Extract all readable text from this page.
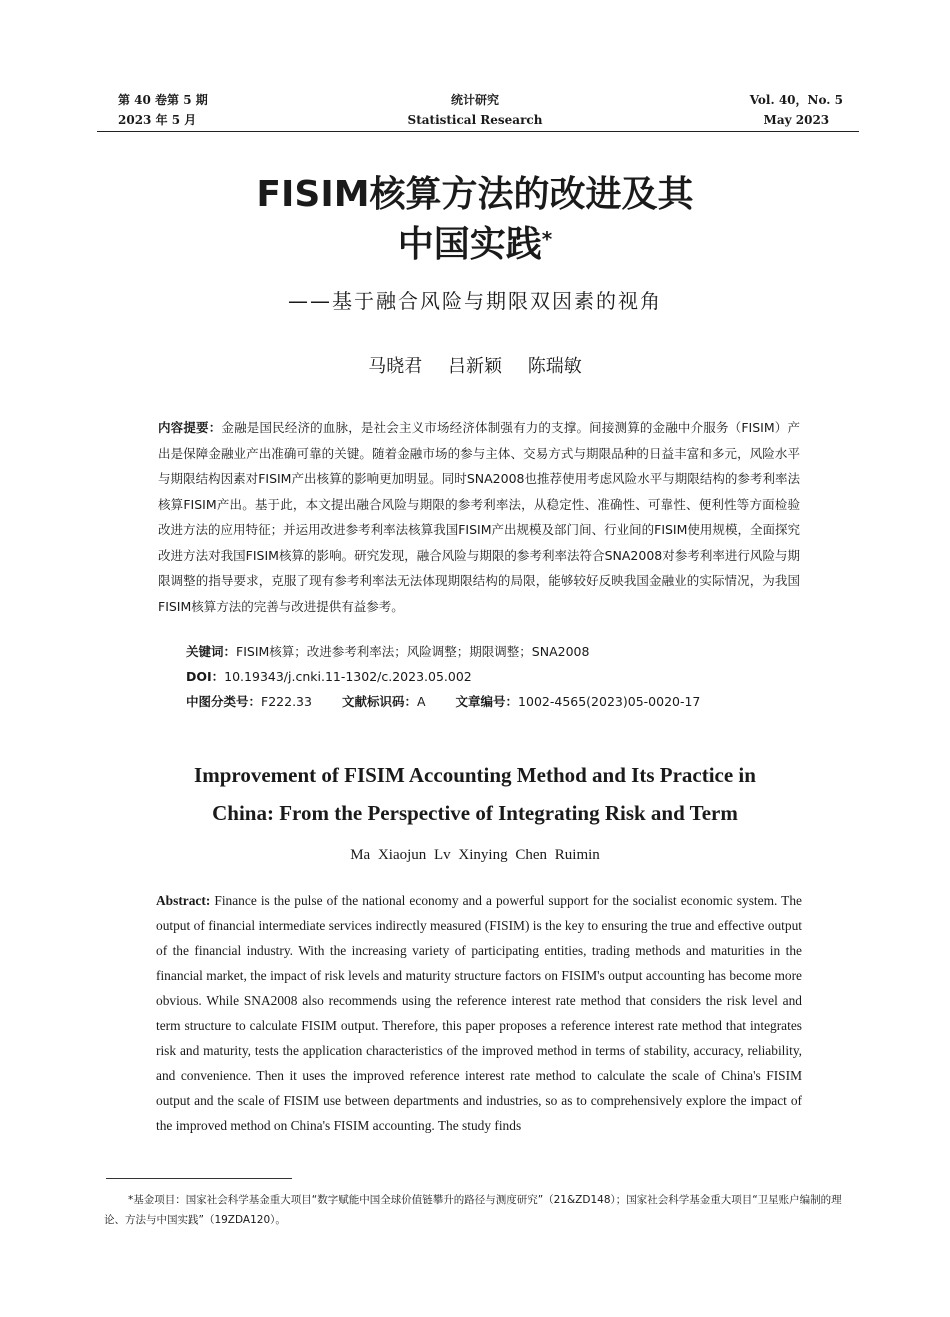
第 40 卷第 5 期
2023 年 5 月
统计研究
Statistical Research
Vol. 40，No. 5
May 2023
FISIM核算方法的改进及其
中国实践*
——基于融合风险与期限双因素的视角
马晓君 吕新颖 陈瑞敏
内容提要：金融是国民经济的血脉，是社会主义市场经济体制强有力的支撑。间接测算的金融中介服务（FISIM）产出是保障金融业产出准确可靠的关键。随着金融市场的参与主体、交易方式与期限品种的日益丰富和多元，风险水平与期限结构因素对FISIM产出核算的影响更加明显。同时SNA2008也推荐使用考虑风险水平与期限结构的参考利率法核算FISIM产出。基于此，本文提出融合风险与期限的参考利率法，从稳定性、准确性、可靠性、便利性等方面检验改进方法的应用特征；并运用改进参考利率法核算我国FISIM产出规模及部门间、行业间的FISIM使用规模，全面探究改进方法对我国FISIM核算的影响。研究发现，融合风险与期限的参考利率法符合SNA2008对参考利率进行风险与期限调整的指导要求，克服了现有参考利率法无法体现期限结构的局限，能够较好反映我国金融业的实际情况，为我国FISIM核算方法的完善与改进提供有益参考。
关键词：FISIM核算；改进参考利率法；风险调整；期限调整；SNA2008
DOI：10.19343/j.cnki.11-1302/c.2023.05.002
中图分类号：F222.33 文献标识码：A 文章编号：1002-4565(2023)05-0020-17
Improvement of FISIM Accounting Method and Its Practice in
China: From the Perspective of Integrating Risk and Term
Ma Xiaojun Lv Xinying Chen Ruimin
Abstract: Finance is the pulse of the national economy and a powerful support for the socialist economic system. The output of financial intermediate services indirectly measured (FISIM) is the key to ensuring the true and effective output of the financial industry. With the increasing variety of participating entities, trading methods and maturities in the financial market, the impact of risk levels and maturity structure factors on FISIM's output accounting has become more obvious. While SNA2008 also recommends using the reference interest rate method that considers the risk level and term structure to calculate FISIM output. Therefore, this paper proposes a reference interest rate method that integrates risk and maturity, tests the application characteristics of the improved method in terms of stability, accuracy, reliability, and convenience. Then it uses the improved reference interest rate method to calculate the scale of China's FISIM output and the scale of FISIM use between departments and industries, so as to comprehensively explore the impact of the improved method on China's FISIM accounting. The study finds
*基金项目：国家社会科学基金重大项目“数字赋能中国全球价值链攀升的路径与测度研究”（21&ZD148）；国家社会科学基金重大项目“卫星账户编制的理论、方法与中国实践”（19ZDA120）。
